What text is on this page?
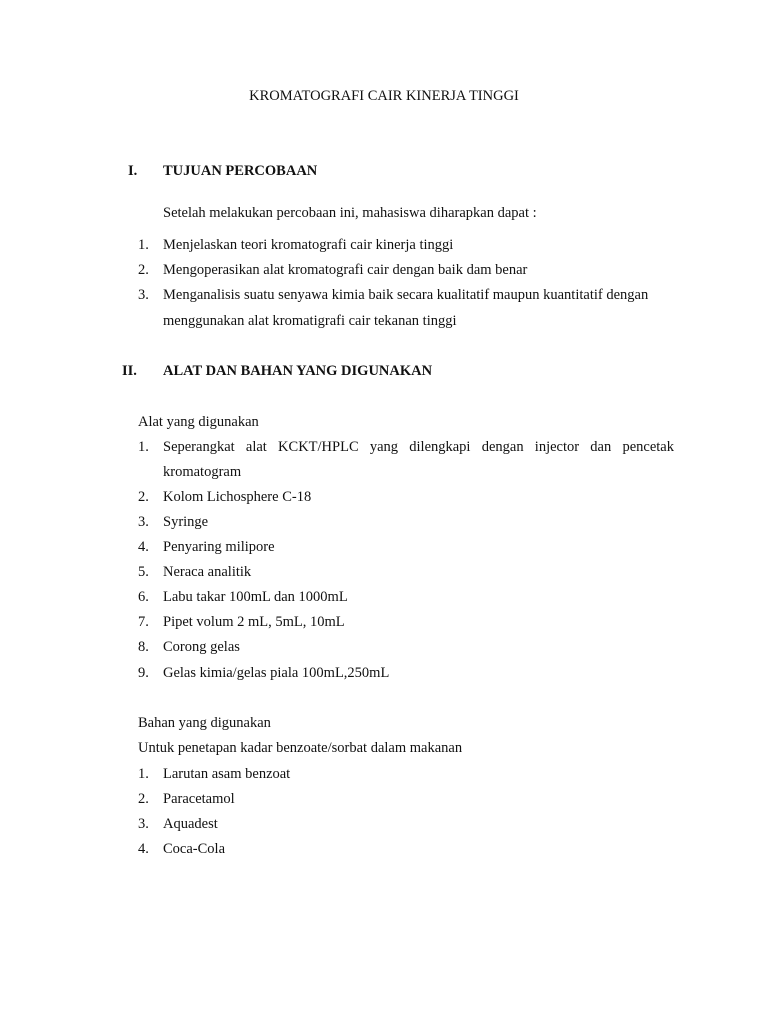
KROMATOGRAFI CAIR KINERJA TINGGI
I. TUJUAN PERCOBAAN
Setelah melakukan percobaan ini, mahasiswa diharapkan dapat :
1. Menjelaskan teori kromatografi cair kinerja tinggi
2. Mengoperasikan alat kromatografi cair dengan baik dam benar
3. Menganalisis suatu senyawa kimia baik secara kualitatif maupun kuantitatif dengan
menggunakan alat kromatigrafi cair tekanan tinggi
II. ALAT DAN BAHAN YANG DIGUNAKAN
Alat yang digunakan
1. Seperangkat alat KCKT/HPLC yang dilengkapi dengan injector dan pencetak
kromatogram
2. Kolom Lichosphere C-18
3. Syringe
4. Penyaring milipore
5. Neraca analitik
6. Labu takar 100mL dan 1000mL
7. Pipet volum 2 mL, 5mL, 10mL
8. Corong gelas
9. Gelas kimia/gelas piala 100mL,250mL
Bahan yang digunakan
Untuk penetapan kadar benzoate/sorbat dalam makanan
1. Larutan asam benzoat
2. Paracetamol
3. Aquadest
4. Coca-Cola
